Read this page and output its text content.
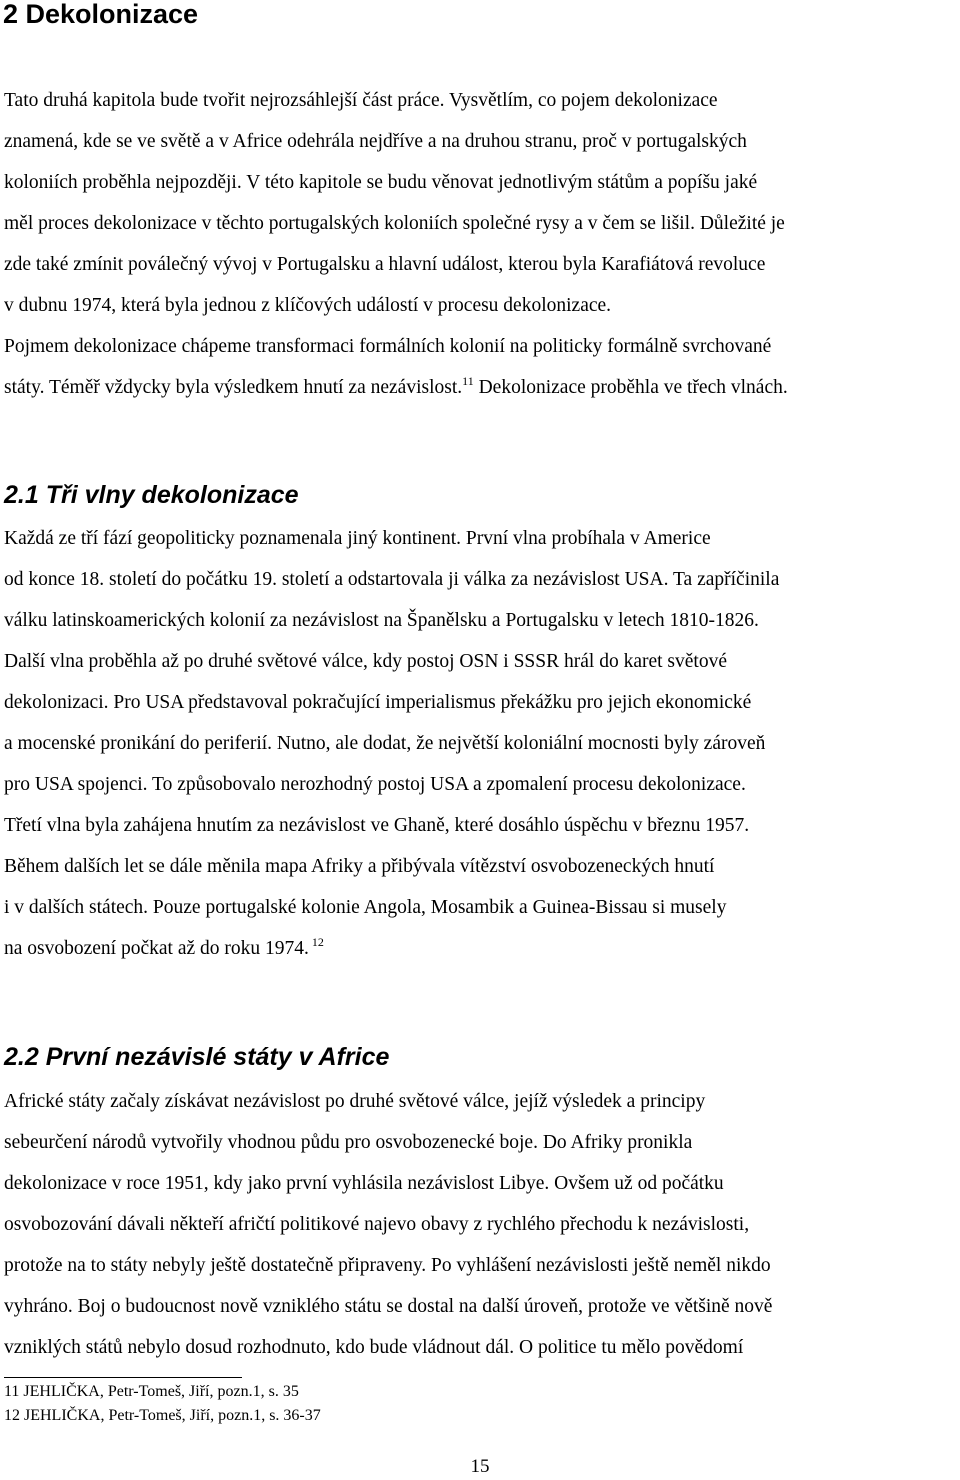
2 Dekolonizace

Tato druhá kapitola bude tvořit nejrozsáhlejší část práce. Vysvětlím, co pojem dekolonizace
znamená, kde se ve světě a v Africe odehrála nejdříve a na druhou stranu, proč v portugalských
koloniích proběhla nejpozději. V této kapitole se budu věnovat jednotlivým státům a popíšu jaké
měl proces dekolonizace v těchto portugalských koloniích společné rysy a v čem se lišil. Důležité je
zde také zmínit poválečný vývoj v Portugalsku a hlavní událost, kterou byla Karafiátová revoluce
v dubnu 1974, která byla jednou z klíčových událostí v procesu dekolonizace.
Pojmem dekolonizace chápeme transformaci formálních kolonií na politicky formálně svrchované
státy. Téměř vždycky byla výsledkem hnutí za nezávislost.$^{11}$ Dekolonizace proběhla ve třech vlnách.

2.1 Tři vlny dekolonizace

Každá ze tří fází geopoliticky poznamenala jiný kontinent. První vlna probíhala v Americe
od konce 18. století do počátku 19. století a odstartovala ji válka za nezávislost USA. Ta zapříčinila
válku latinskoamerických kolonií za nezávislost na Španělsku a Portugalsku v letech 1810-1826.
Další vlna proběhla až po druhé světové válce, kdy postoj OSN i SSSR hrál do karet světové
dekolonizaci. Pro USA představoval pokračující imperialismus překážku pro jejich ekonomické
a mocenské pronikání do periferií. Nutno, ale dodat, že největší koloniální mocnosti byly zároveň
pro USA spojenci. To způsobovalo nerozhodný postoj USA a zpomalení procesu dekolonizace.
Třetí vlna byla zahájena hnutím za nezávislost ve Ghaně, které dosáhlo úspěchu v březnu 1957.
Během dalších let se dále měnila mapa Afriky a přibývala vítězství osvobozeneckých hnutí
i v dalších státech. Pouze portugalské kolonie Angola, Mosambik a Guinea-Bissau si musely
na osvobození počkat až do roku 1974. $^{12}$

2.2 První nezávislé státy v Africe

Africké státy začaly získávat nezávislost po druhé světové válce, jejíž výsledek a principy
sebeurčení národů vytvořily vhodnou půdu pro osvobozenecké boje. Do Afriky pronikla
dekolonizace v roce 1951, kdy jako první vyhlásila nezávislost Libye. Ovšem už od počátku
osvobozování dávali někteří afričtí politikové najevo obavy z rychlého přechodu k nezávislosti,
protože na to státy nebyly ještě dostatečně připraveny. Po vyhlášení nezávislosti ještě neměl nikdo
vyhráno. Boj o budoucnost nově vzniklého státu se dostal na další úroveň, protože ve většině nově
vzniklých států nebylo dosud rozhodnuto, kdo bude vládnout dál. O politice tu mělo povědomí

11 JEHLIČKA, Petr-Tomeš, Jiří, pozn.1, s. 35
12 JEHLIČKA, Petr-Tomeš, Jiří, pozn.1, s. 36-37
15
